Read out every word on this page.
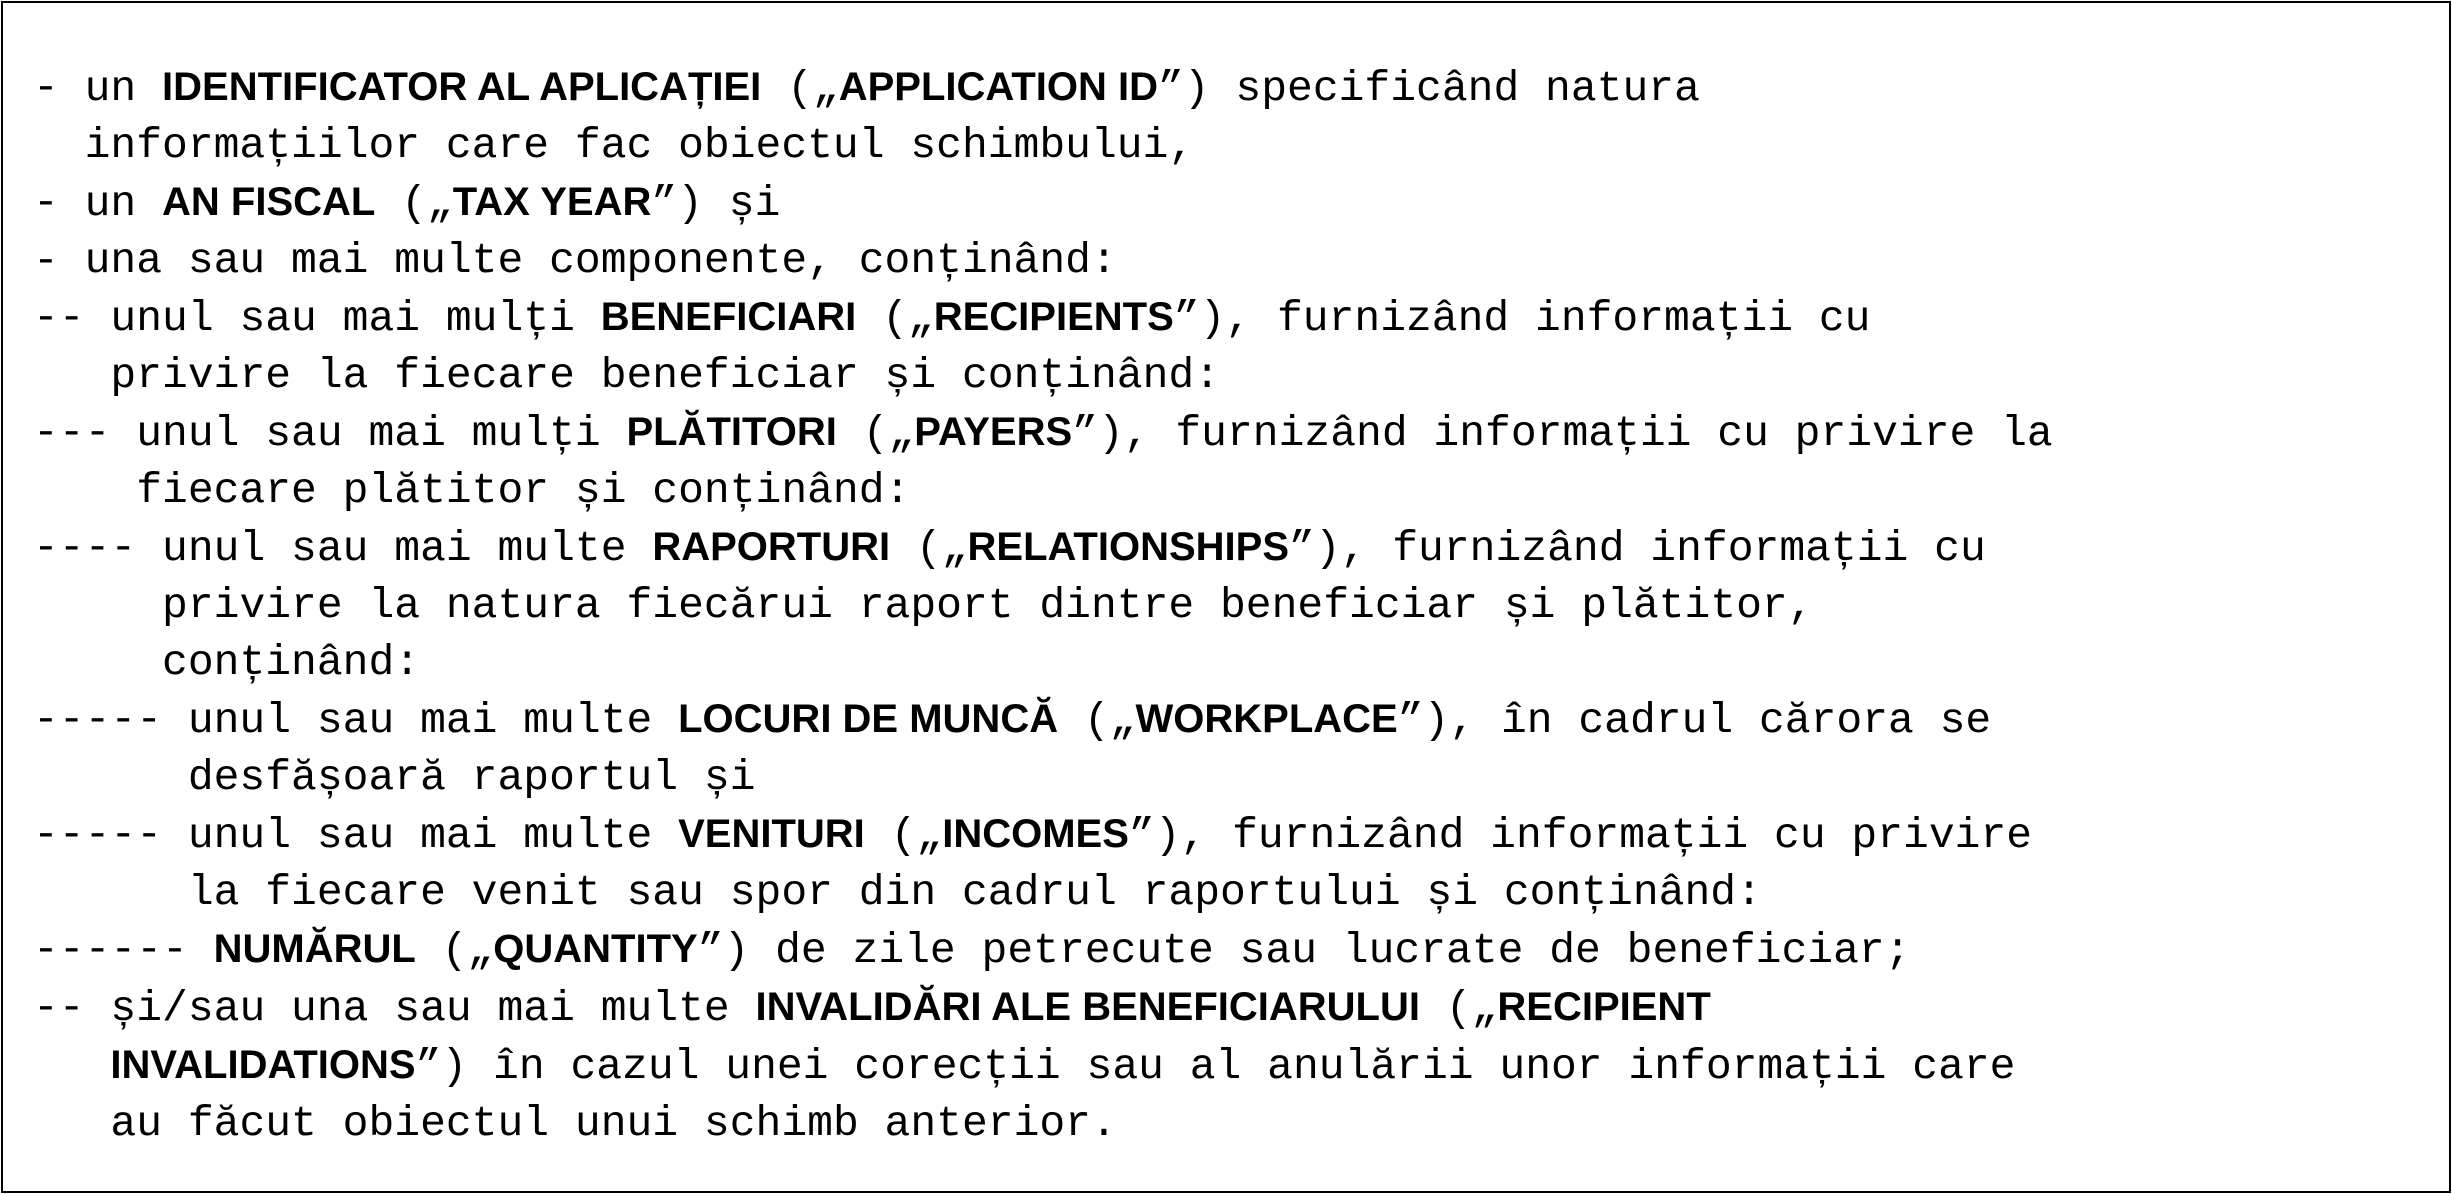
- un IDENTIFICATOR AL APLICAȚIEI („APPLICATION ID”) specificând natura
informațiilor care fac obiectul schimbului,
- un AN FISCAL („TAX YEAR”) și
- una sau mai multe componente, conținând:
-- unul sau mai mulți BENEFICIARI („RECIPIENTS”), furnizând informații cu
privire la fiecare beneficiar și conținând:
--- unul sau mai mulți PLĂTITORI („PAYERS”), furnizând informații cu privire la
fiecare plătitor și conținând:
---- unul sau mai multe RAPORTURI („RELATIONSHIPS”), furnizând informații cu
privire la natura fiecărui raport dintre beneficiar și plătitor,
conținând:
----- unul sau mai multe LOCURI DE MUNCĂ („WORKPLACE”), în cadrul cărora se
desfășoară raportul și
----- unul sau mai multe VENITURI („INCOMES”), furnizând informații cu privire
la fiecare venit sau spor din cadrul raportului și conținând:
------ NUMĂRUL („QUANTITY”) de zile petrecute sau lucrate de beneficiar;
-- și/sau una sau mai multe INVALIDĂRI ALE BENEFICIARULUI („RECIPIENT
INVALIDATIONS”) în cazul unei corecții sau al anulării unor informații care
au făcut obiectul unui schimb anterior.
